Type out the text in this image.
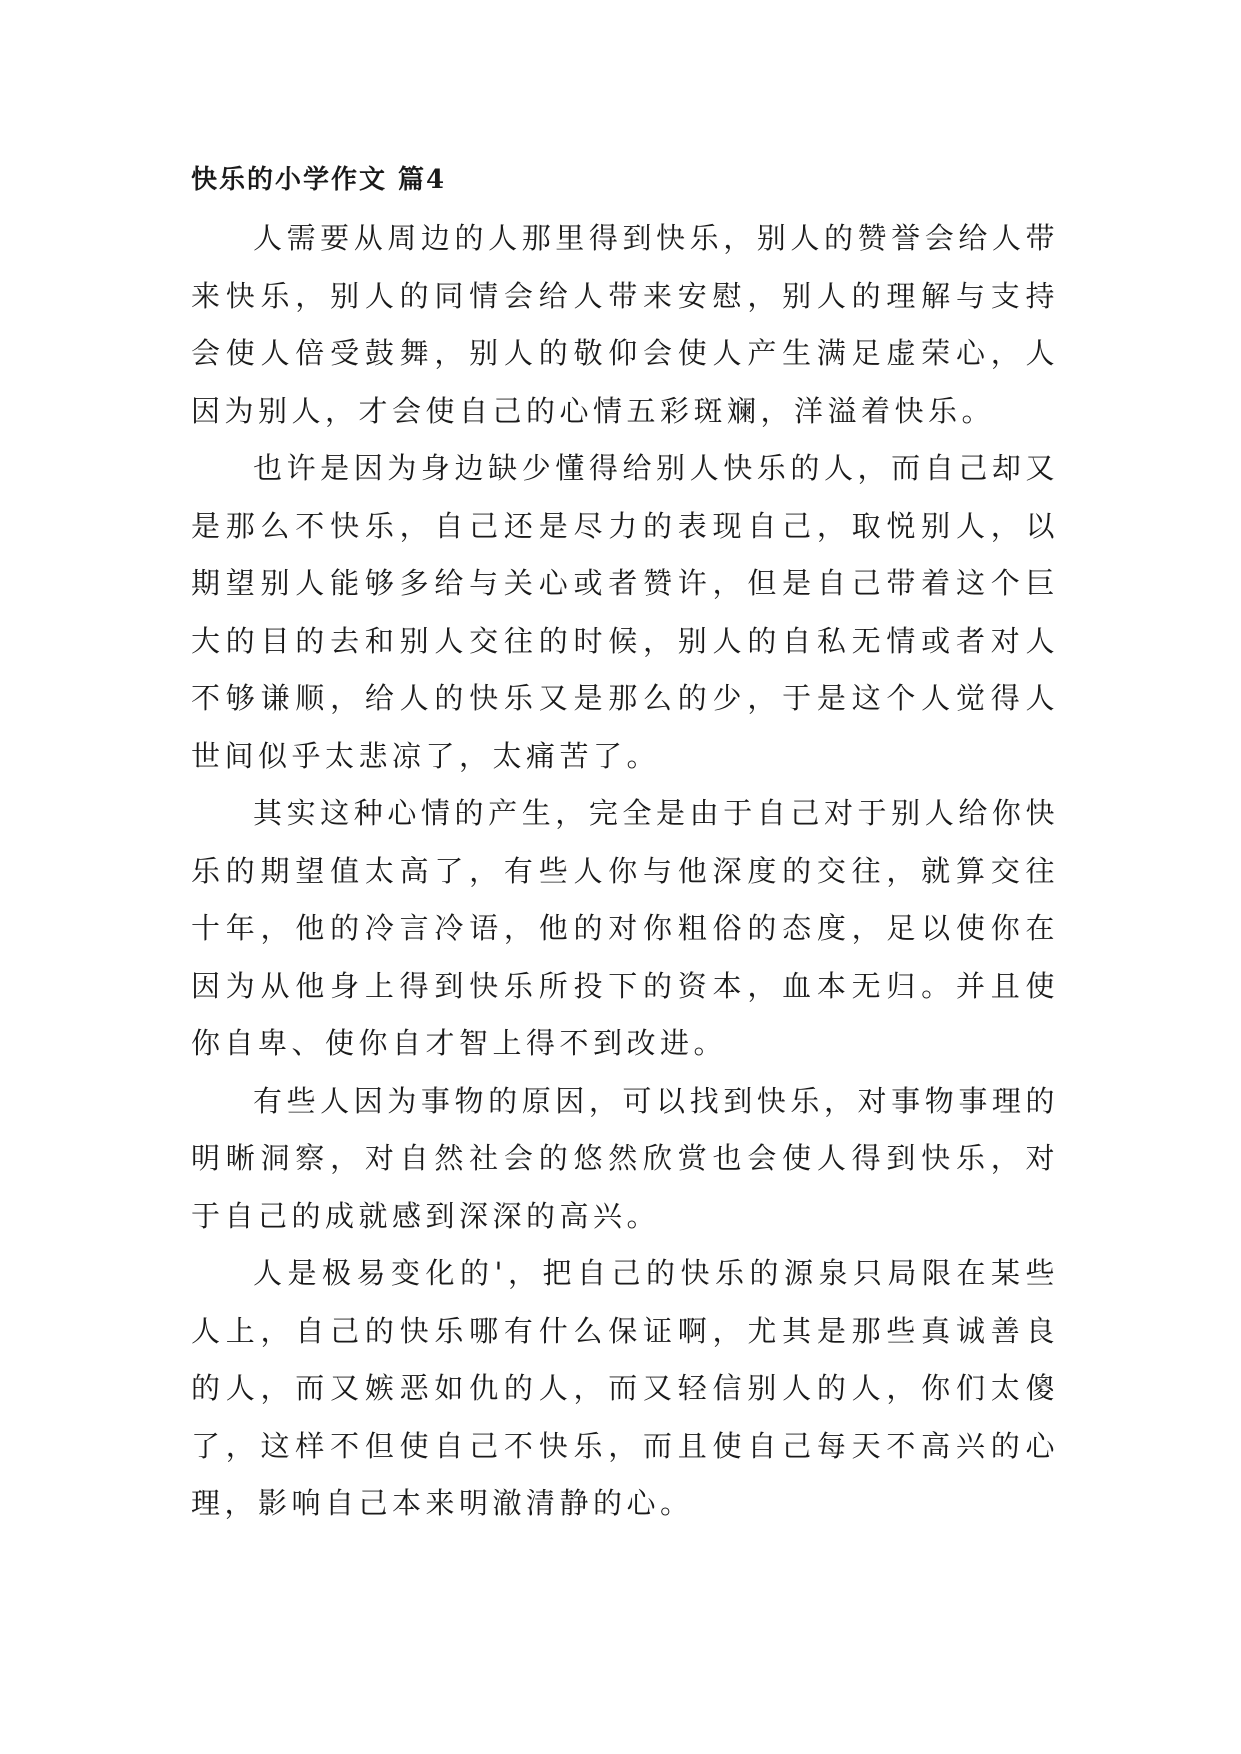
快乐的小学作文 篇4

人需要从周边的人那里得到快乐，别人的赞誉会给人带来快乐，别人的同情会给人带来安慰，别人的理解与支持会使人倍受鼓舞，别人的敬仰会使人产生满足虚荣心，人因为别人，才会使自己的心情五彩斑斓，洋溢着快乐。

也许是因为身边缺少懂得给别人快乐的人，而自己却又是那么不快乐，自己还是尽力的表现自己，取悦别人，以期望别人能够多给与关心或者赞许，但是自己带着这个巨大的目的去和别人交往的时候，别人的自私无情或者对人不够谦顺，给人的快乐又是那么的少，于是这个人觉得人世间似乎太悲凉了，太痛苦了。

其实这种心情的产生，完全是由于自己对于别人给你快乐的期望值太高了，有些人你与他深度的交往，就算交往十年，他的冷言冷语，他的对你粗俗的态度，足以使你在因为从他身上得到快乐所投下的资本，血本无归。并且使你自卑、使你自才智上得不到改进。

有些人因为事物的原因，可以找到快乐，对事物事理的明晰洞察，对自然社会的悠然欣赏也会使人得到快乐，对于自己的成就感到深深的高兴。

人是极易变化的'，把自己的快乐的源泉只局限在某些人上，自己的快乐哪有什么保证啊，尤其是那些真诚善良的人，而又嫉恶如仇的人，而又轻信别人的人，你们太傻了，这样不但使自己不快乐，而且使自己每天不高兴的心理，影响自己本来明澈清静的心。
